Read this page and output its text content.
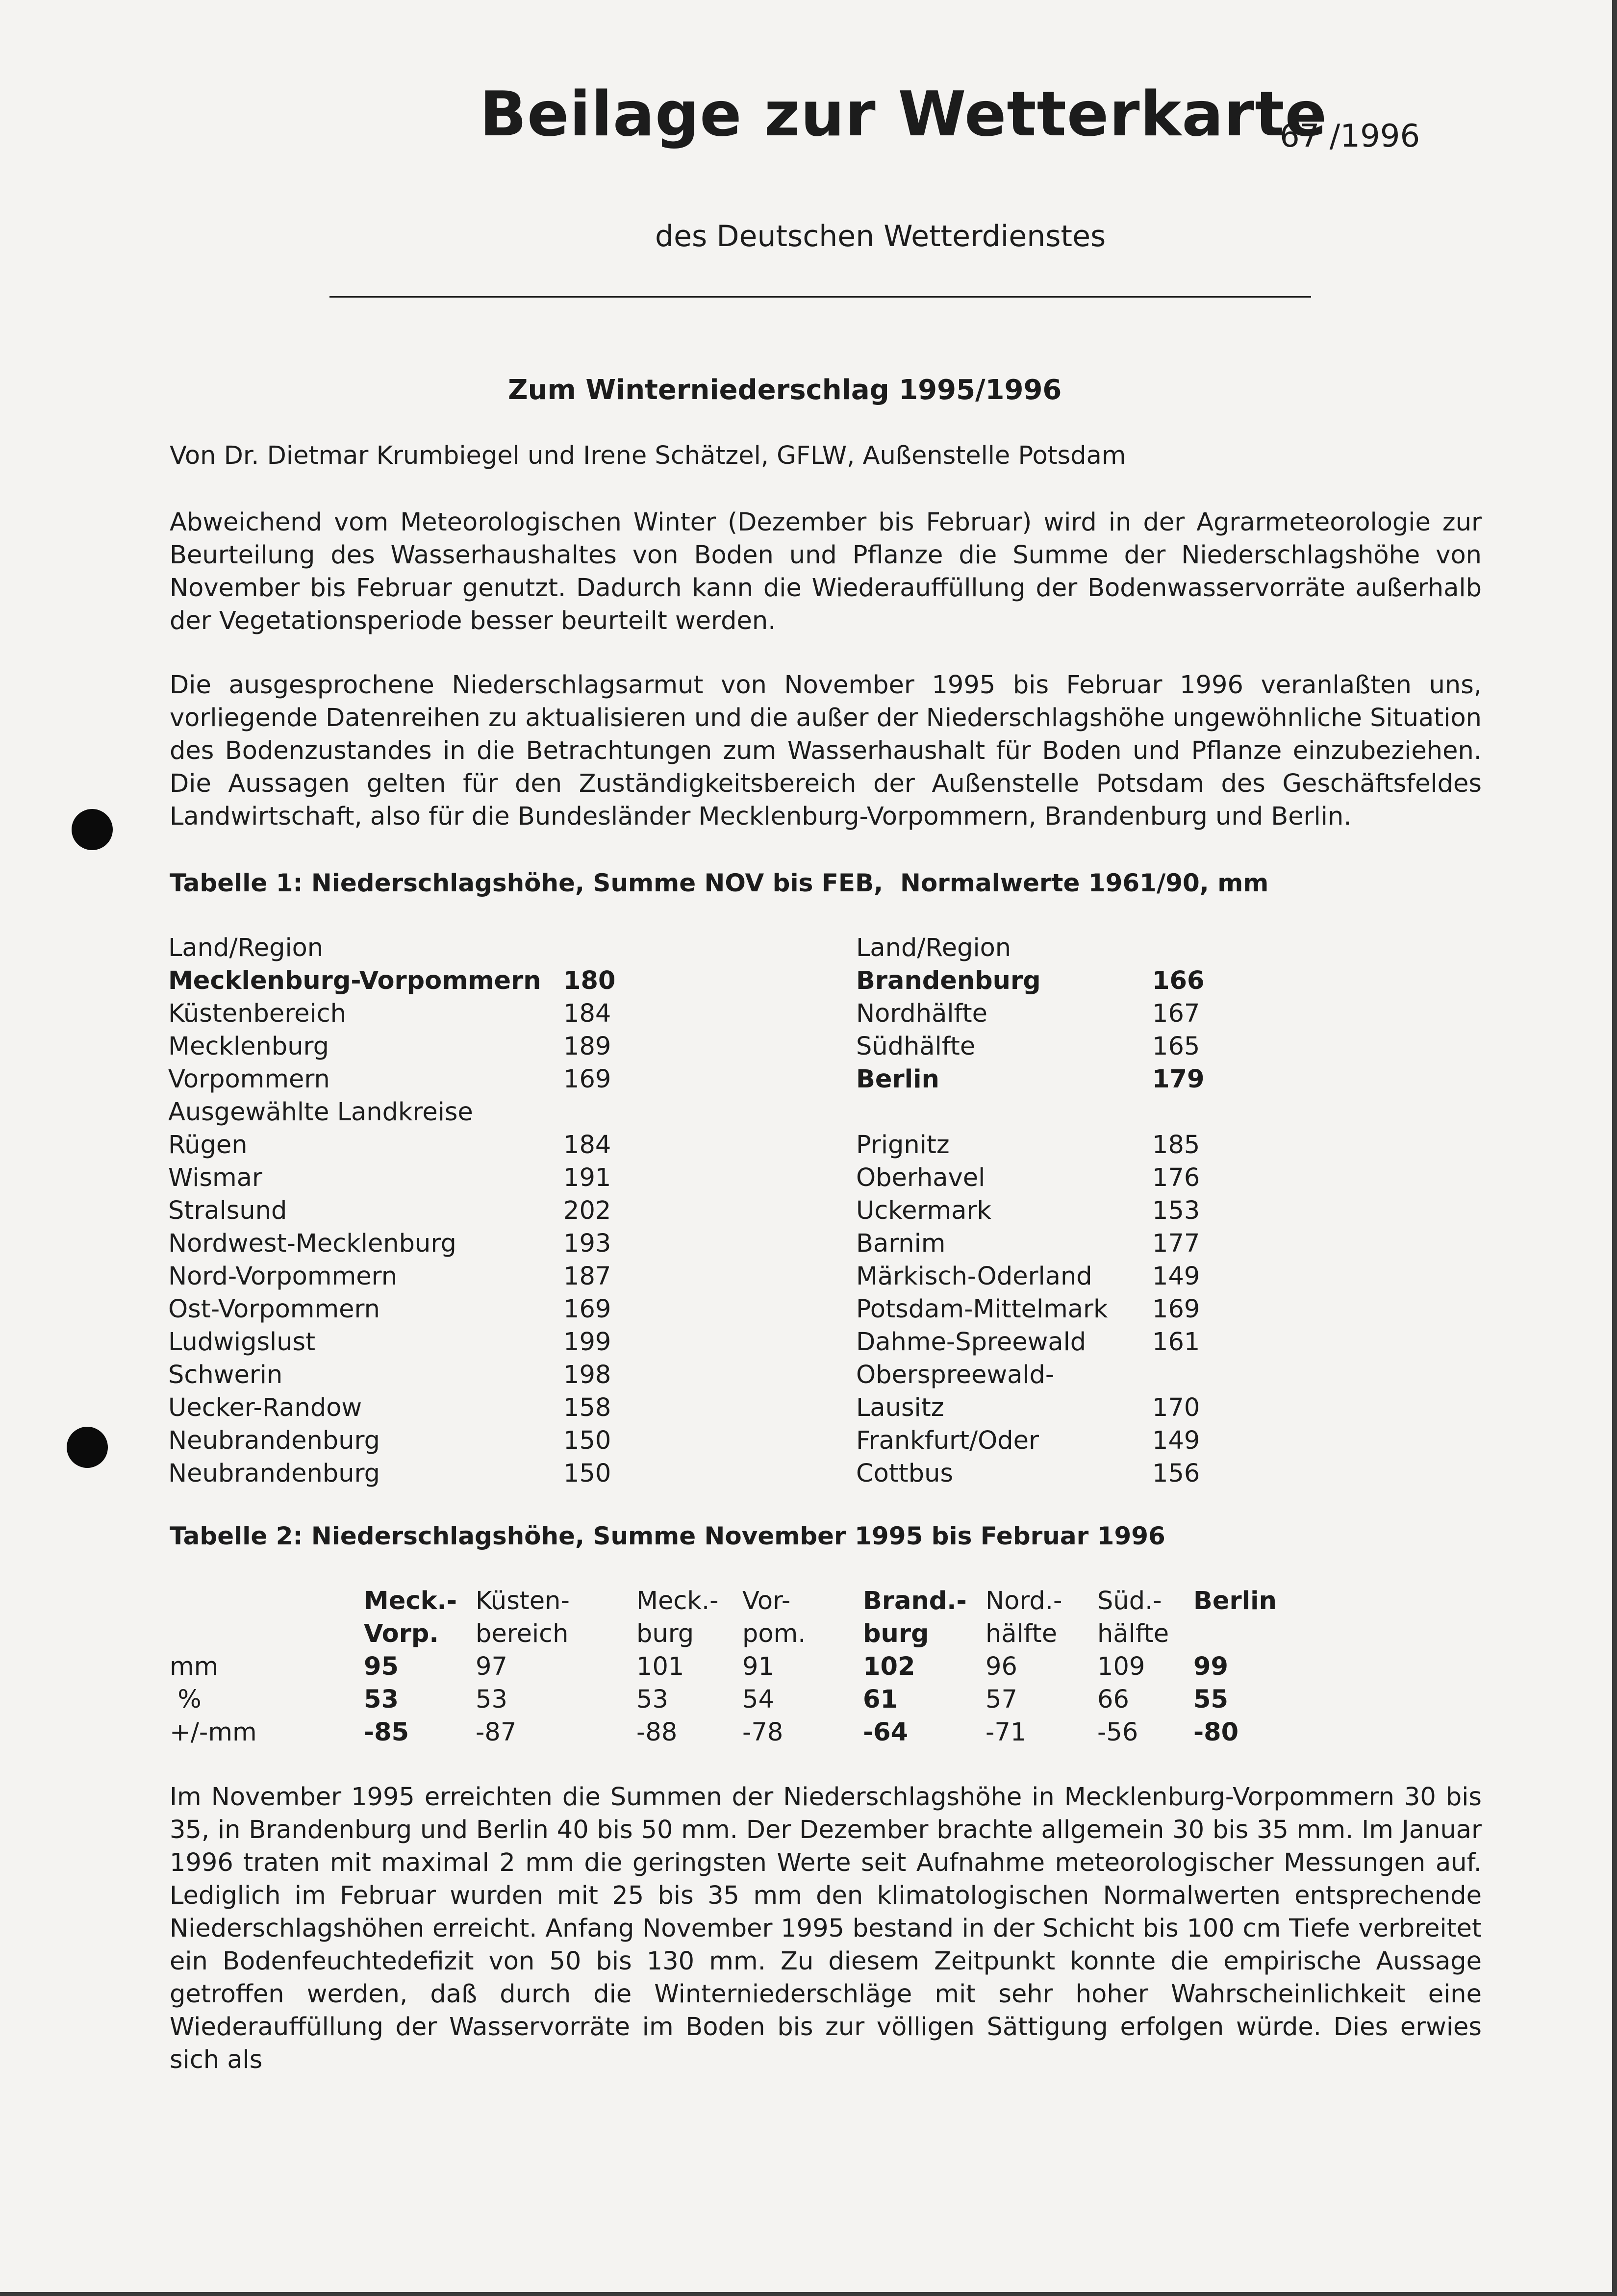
Beilage zur Wetterkarte
67 /1996
des Deutschen Wetterdienstes
Zum Winterniederschlag 1995/1996
Von Dr. Dietmar Krumbiegel und Irene Schätzel, GFLW, Außenstelle Potsdam
Abweichend vom Meteorologischen Winter (Dezember bis Februar) wird in der Agrarmeteorologie zur Beurteilung des Wasserhaushaltes von Boden und Pflanze die Summe der Niederschlagshöhe von November bis Februar genutzt. Dadurch kann die Wiederauffüllung der Bodenwasservorräte außerhalb der Vegetationsperiode besser beurteilt werden.
Die ausgesprochene Niederschlagsarmut von November 1995 bis Februar 1996 veranlaßten uns, vorliegende Datenreihen zu aktualisieren und die außer der Niederschlagshöhe ungewöhnliche Situation des Bodenzustandes in die Betrachtungen zum Wasserhaushalt für Boden und Pflanze einzubeziehen. Die Aussagen gelten für den Zuständigkeitsbereich der Außenstelle Potsdam des Geschäftsfeldes Landwirtschaft, also für die Bundesländer Mecklenburg-Vorpommern, Brandenburg und Berlin.
Tabelle 1: Niederschlagshöhe, Summe NOV bis FEB,  Normalwerte 1961/90, mm
Land/Region
Mecklenburg-Vorpommern 180
Küstenbereich	184
Mecklenburg	189
Vorpommern	169
Ausgewählte Landkreise
Rügen	184
Wismar	191
Stralsund	202
Nordwest-Mecklenburg	193
Nord-Vorpommern	187
Ost-Vorpommern	169
Ludwigslust	199
Schwerin	198
Uecker-Randow	158
Neubrandenburg	150
Neubrandenburg	150
Land/Region
Brandenburg	166
Nordhälfte	167
Südhälfte	165
Berlin	179
Prignitz	185
Oberhavel	176
Uckermark	153
Barnim	177
Märkisch-Oderland 149
Potsdam-Mittelmark 169
Dahme-Spreewald	161
Oberspreewald-
Lausitz	170
Frankfurt/Oder	149
Cottbus	156
Tabelle 2: Niederschlagshöhe, Summe November 1995 bis Februar 1996
	Meck.-	Küsten-	Meck.-	Vor-	Brand.-	Nord.-	Süd.-	Berlin
	Vorp.	bereich	burg	pom.	burg	hälfte	hälfte	
mm	95	97	101	91	102	96	109	99
%	53	53	53	54	61	57	66	55
+/-mm	-85	-87	-88	-78	-64	-71	-56	-80
Im November 1995 erreichten die Summen der Niederschlagshöhe in Mecklenburg-Vorpommern 30 bis 35, in Brandenburg und Berlin 40 bis 50 mm. Der Dezember brachte allgemein 30 bis 35 mm. Im Januar 1996 traten mit maximal 2 mm die geringsten Werte seit Aufnahme meteorologischer Messungen auf. Lediglich im Februar wurden mit 25 bis 35 mm den klimatologischen Normalwerten entsprechende Niederschlagshöhen erreicht. Anfang November 1995 bestand in der Schicht bis 100 cm Tiefe verbreitet ein Bodenfeuchtedefizit von 50 bis 130 mm. Zu diesem Zeitpunkt konnte die empirische Aussage getroffen werden, daß durch die Winterniederschläge mit sehr hoher Wahrscheinlichkeit eine Wiederauffüllung der Wasservorräte im Boden bis zur völligen Sättigung erfolgen würde. Dies erwies sich als
